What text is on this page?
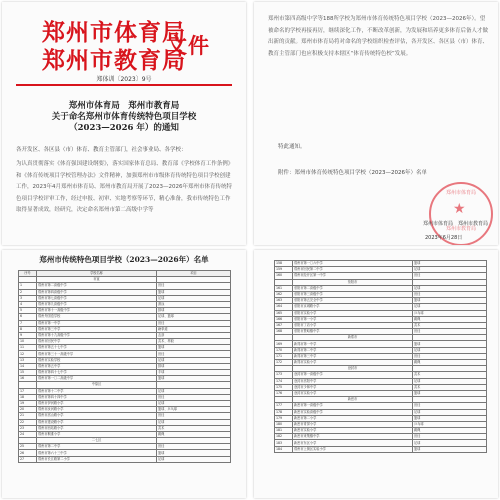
郑州市体育局
郑州市教育局
文件
郑体训〔2023〕9号
郑州市体育局　郑州市教育局
关于命名郑州市体育传统特色项目学校
（2023—2026 年）的通知
各开发区、各区县（市）体育、教育主管部门，社会事业局、各学校：
为认真贯彻落实《体育强国建设纲要》，落实国家体育总局、教育部《学校体育工作条例》和《体育传统项目学校管理办法》文件精神，加强郑州市市级体育传统特色项目学校创建工作，2023年4月郑州市体育局、郑州市教育局开展了2023—2026年郑州市体育传统特色项目学校评审工作，经过申报、初审、实地考察等环节，精心准备，我市传统特色工作取得显著成效，经研究，决定命名郑州市第二高级中学等
郑州市第四高级中学等188所学校为郑州市体育传统特色项目学校（2023—2026年）。望被命名的学校再接再厉，继续深化工作，不断改革创新，为发展和培养更多体育后备人才做出新的贡献。郑州市体育局将对命名的学校组织检查评估，各开发区、各区县（市）体育、教育主管部门也应积极支持本辖区“体育传统特色校”发展。
特此通知。
附件：郑州市体育传统特色项目学校（2023—2026年）名单
郑州市体育局
★
郑州市教育局
郑州市体育局　郑州市教育局
2023年6月28日
郑州市传统特色项目学校（2023—2026年）名单
序号	学校名称	项目
	市直	
1	郑州市第二高级中学	田径
2	郑州市第四高级中学	篮球
3	郑州市第七高级中学	足球
4	郑州市第九高级中学	游泳
5	郑州市第十一高级中学	排球
6	郑州外国语学校	足球、篮球
7	郑州市第一中学	田径
8	郑州市第三中学	跆拳道
9	郑州市第十九高级中学	击剑
10	郑州市回民中学	武术、摔跤
11	郑州市第五十七中学	篮球
12	郑州市第三十一高级中学	田径
13	郑州市实验学校	足球
14	郑州市第五中学	排球
15	郑州市第四十七中学	手球
16	郑州市第一〇二高级中学	篮球
	中原区	
17	郑州市第十二中学	足球
18	郑州市第四十四中学	田径
19	郑州市伊河路小学	足球
20	郑州市汝河路小学	篮球、乒乓球
21	郑州市嵩山路小学	田径
22	郑州市建设路小学	足球
23	郑州市西站路小学	武术
24	郑州市桐淮小学	跳绳
	二七区	
25	郑州市第二中学	田径
26	郑州市第六十三中学	篮球
27	郑州市长江路第二小学	足球
158	郑州市第一〇六中学	篮球
159	郑州市回民第二中学	足球
160	郑州市经开区第一中学	田径
	荥阳市	
161	荥阳市第二高级中学	足球
162	荥阳市第三高级中学	田径
163	荥阳市第五完全中学	篮球
164	荥阳市京城路小学	足球
165	荥阳市实验小学	乒乓球
166	荥阳市第一小学	跳绳
167	荥阳市丁店小学	武术
168	荥阳市贾峪镇中学	田径
	新郑市	
169	新郑市第一中学	篮球
170	新郑市第二中学	足球
171	新郑市第三中学	田径
172	新郑市实验小学	跳绳
	登封市	
173	登封市第一高级中学	武术
174	登封市嵩阳中学	足球
175	登封市少林中学	武术
176	登封市实验小学	篮球
	新密市	
177	新密市第一高级中学	田径
178	新密市实验高级中学	足球
179	新密市第二小学	篮球
180	新密市青屏小学	乒乓球
181	新密市实验小学	跳绳
182	新密市来集镇中学	田径
183	新密市东区小学	足球
184	郑州市上街区实验小学	篮球
